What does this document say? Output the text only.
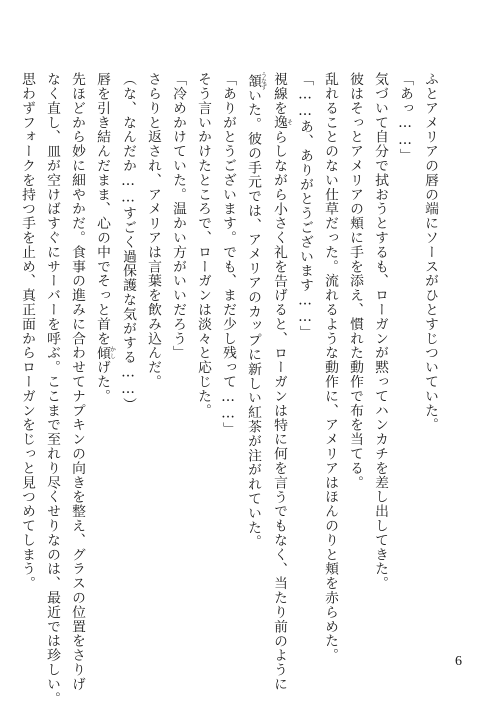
ふとアメリアの唇の端にソースがひとすじついていた。
「あっ……」
気づいて自分で拭おうとするも、ローガンが黙ってハンカチを差し出してきた。
彼はそっとアメリアの頬に手を添え、慣れた動作で布を当てる。
乱れることのない仕草だった。流れるような動作に、アメリアはほんのりと頬を赤らめた。
「……あ、ありがとうございます……」
視線を逸そらしながら小さく礼を告げると、ローガンは特に何を言うでもなく、当たり前のように
頷うなずいた。彼の手元では、アメリアのカップに新しい紅茶が注がれていた。
「ありがとうございます。でも、まだ少し残って……」
そう言いかけたところで、ローガンは淡々と応じた。
「冷めかけていた。温かい方がいいだろう」
さらりと返され、アメリアは言葉を飲み込んだ。
（な、なんだか……すごく過保護な気がする……）
唇を引き結んだまま、心の中でそっと首を傾かしげた。
先ほどから妙に細やかだ。食事の進みに合わせてナプキンの向きを整え、グラスの位置をさりげ
なく直し、皿が空けばすぐにサーバーを呼ぶ。ここまで至れり尽くせりなのは、最近では珍しい。
思わずフォークを持つ手を止め、真正面からローガンをじっと見つめてしまう。
6
